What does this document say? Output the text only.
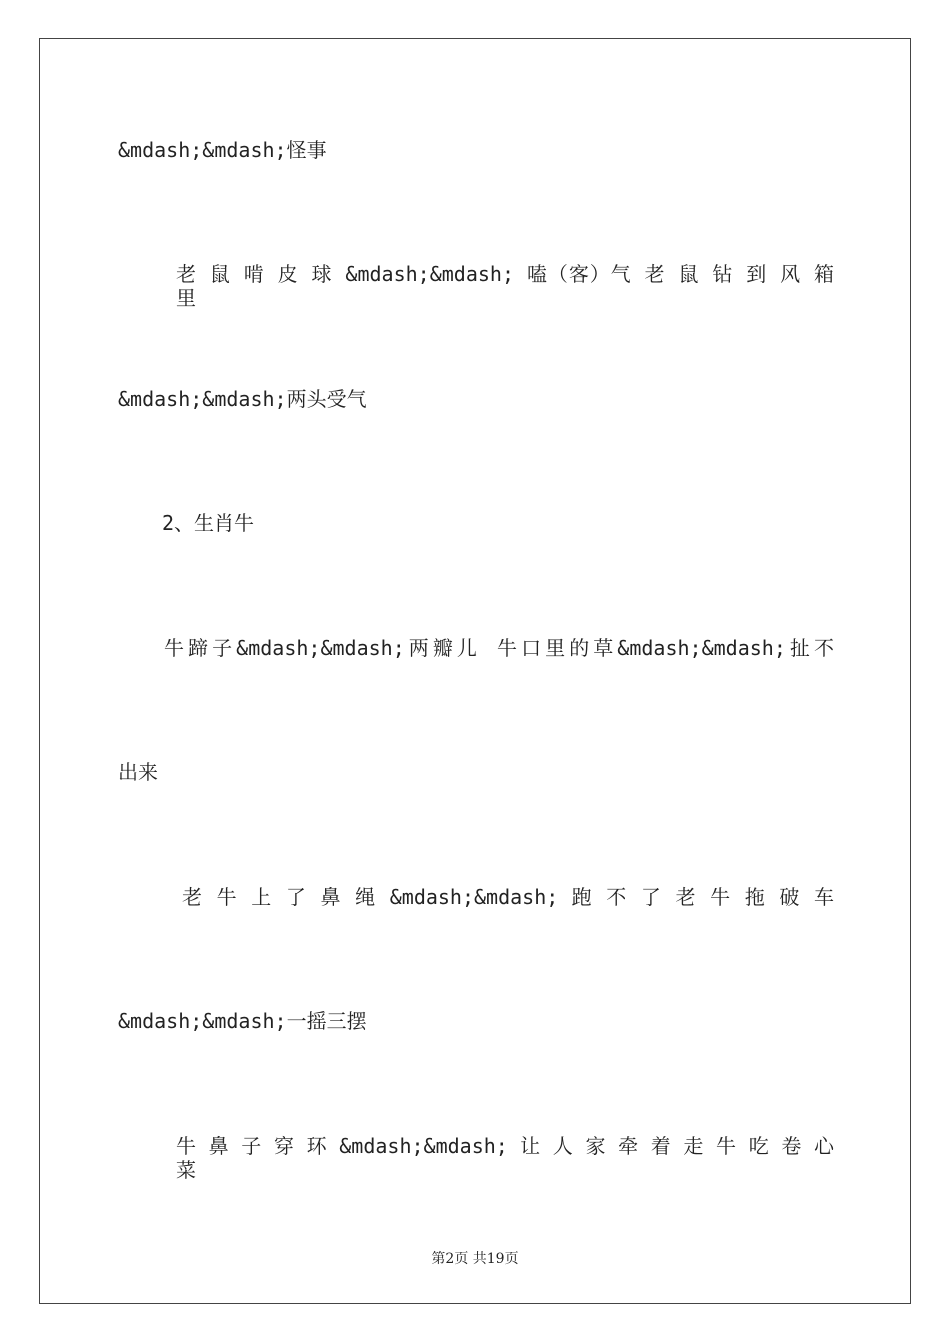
&mdash;&mdash;怪事

老 鼠 啃 皮 球 &mdash;&mdash; 嗑（客）气 老 鼠 钻 到 风 箱 里

&mdash;&mdash;两头受气

2、生肖牛

牛蹄子&mdash;&mdash;两瓣儿 牛口里的草&mdash;&mdash;扯不

出来

老 牛 上 了 鼻 绳 &mdash;&mdash; 跑 不 了 老 牛 拖 破 车

&mdash;&mdash;一摇三摆

牛 鼻 子 穿 环 &mdash;&mdash; 让 人 家 牵 着 走 牛 吃 卷 心 菜

第2页 共19页
